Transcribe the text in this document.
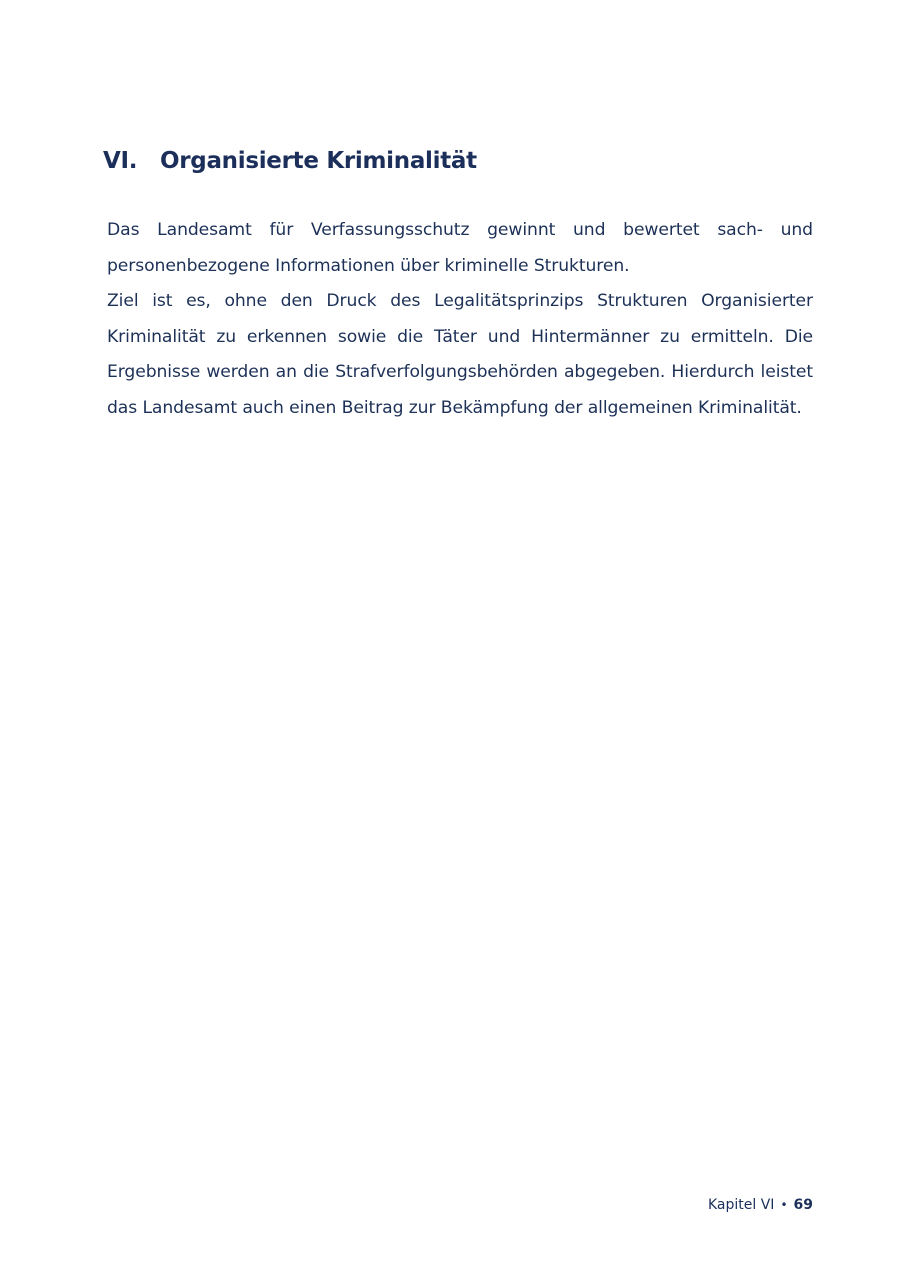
VI. Organisierte Kriminalität

Das Landesamt für Verfassungsschutz gewinnt und bewertet sach- und personenbezogene Informationen über kriminelle Strukturen.

Ziel ist es, ohne den Druck des Legalitätsprinzips Strukturen Organisierter Kriminalität zu erkennen sowie die Täter und Hintermänner zu ermitteln. Die Ergebnisse werden an die Strafverfolgungsbehörden abgegeben. Hierdurch leistet das Landesamt auch einen Beitrag zur Bekämpfung der allgemeinen Kriminalität.

Kapitel VI • 69
